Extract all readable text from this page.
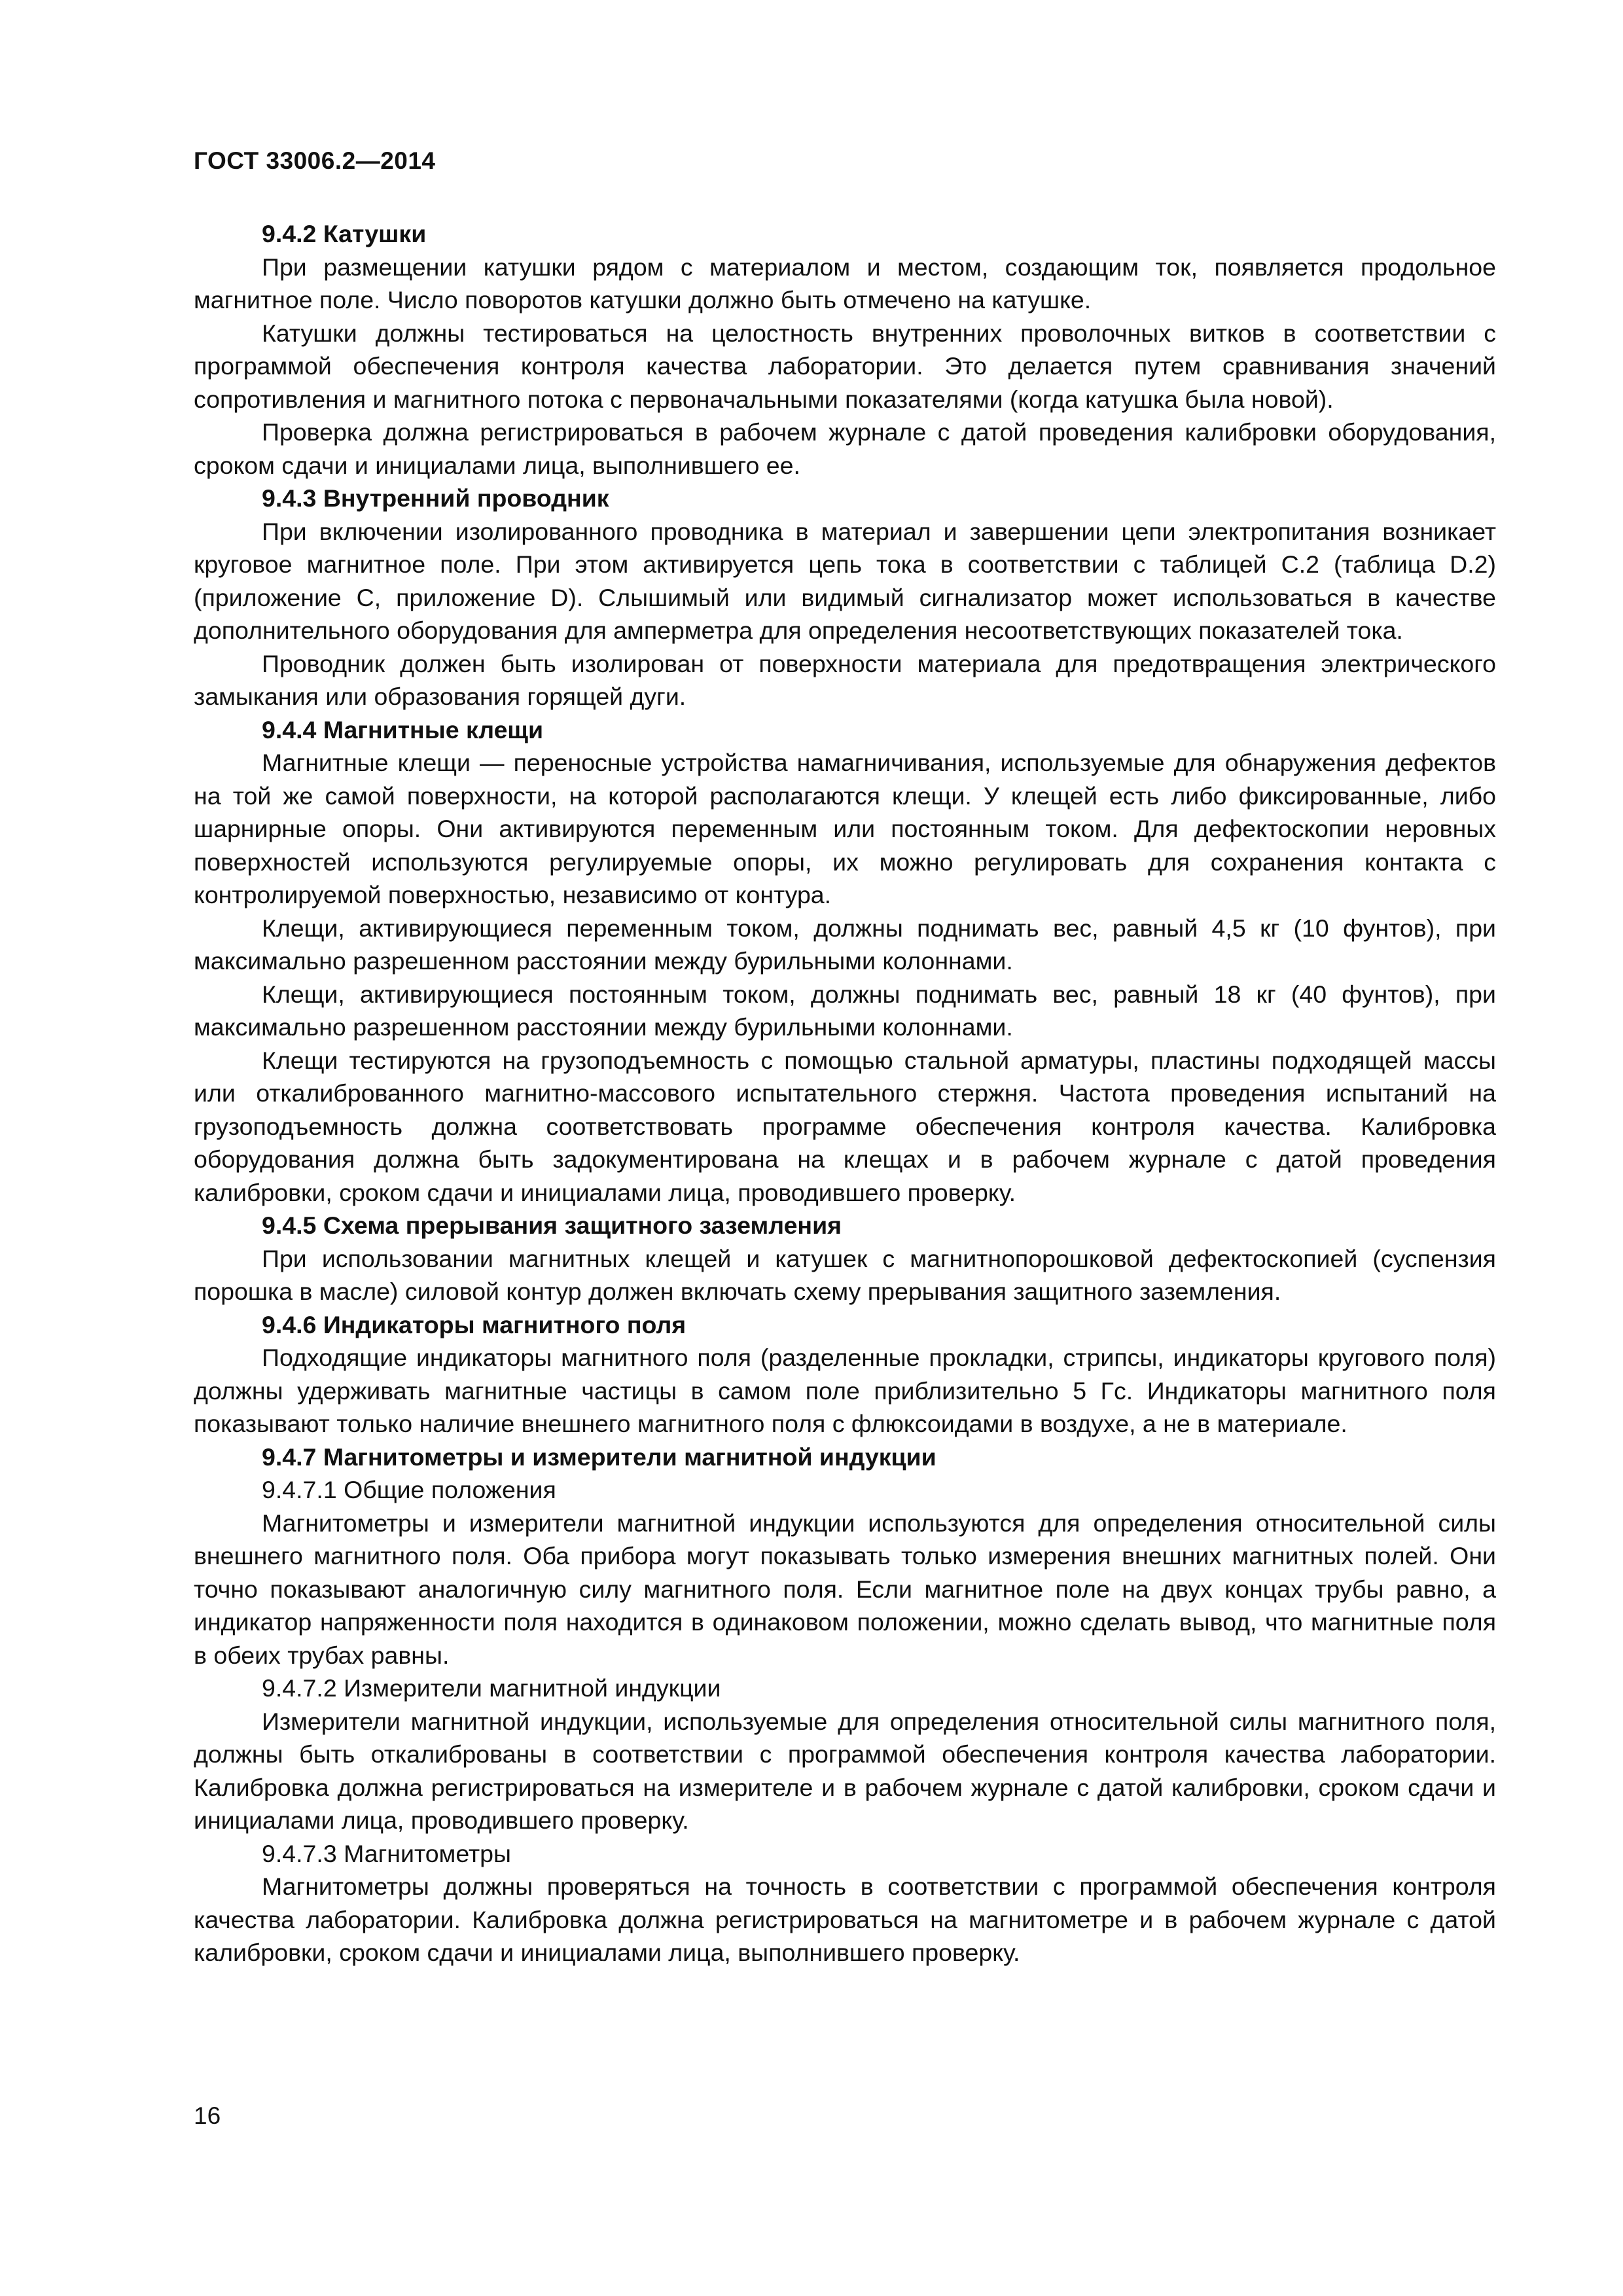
ГОСТ 33006.2—2014

9.4.2 Катушки

При размещении катушки рядом с материалом и местом, создающим ток, появляется продольное магнитное поле. Число поворотов катушки должно быть отмечено на катушке.

Катушки должны тестироваться на целостность внутренних проволочных витков в соответствии с программой обеспечения контроля качества лаборатории. Это делается путем сравнивания значений сопротивления и магнитного потока с первоначальными показателями (когда катушка была новой).

Проверка должна регистрироваться в рабочем журнале с датой проведения калибровки оборудования, сроком сдачи и инициалами лица, выполнившего ее.

9.4.3 Внутренний проводник

При включении изолированного проводника в материал и завершении цепи электропитания возникает круговое магнитное поле. При этом активируется цепь тока в соответствии с таблицей С.2 (таблица D.2) (приложение С, приложение D). Слышимый или видимый сигнализатор может использоваться в качестве дополнительного оборудования для амперметра для определения несоответствующих показателей тока.

Проводник должен быть изолирован от поверхности материала для предотвращения электрического замыкания или образования горящей дуги.

9.4.4 Магнитные клещи

Магнитные клещи — переносные устройства намагничивания, используемые для обнаружения дефектов на той же самой поверхности, на которой располагаются клещи. У клещей есть либо фиксированные, либо шарнирные опоры. Они активируются переменным или постоянным током. Для дефектоскопии неровных поверхностей используются регулируемые опоры, их можно регулировать для сохранения контакта с контролируемой поверхностью, независимо от контура.

Клещи, активирующиеся переменным током, должны поднимать вес, равный 4,5 кг (10 фунтов), при максимально разрешенном расстоянии между бурильными колоннами.

Клещи, активирующиеся постоянным током, должны поднимать вес, равный 18 кг (40 фунтов), при максимально разрешенном расстоянии между бурильными колоннами.

Клещи тестируются на грузоподъемность с помощью стальной арматуры, пластины подходящей массы или откалиброванного магнитно-массового испытательного стержня. Частота проведения испытаний на грузоподъемность должна соответствовать программе обеспечения контроля качества. Калибровка оборудования должна быть задокументирована на клещах и в рабочем журнале с датой проведения калибровки, сроком сдачи и инициалами лица, проводившего проверку.

9.4.5 Схема прерывания защитного заземления

При использовании магнитных клещей и катушек с магнитнопорошковой дефектоскопией (суспензия порошка в масле) силовой контур должен включать схему прерывания защитного заземления.

9.4.6 Индикаторы магнитного поля

Подходящие индикаторы магнитного поля (разделенные прокладки, стрипсы, индикаторы кругового поля) должны удерживать магнитные частицы в самом поле приблизительно 5 Гс. Индикаторы магнитного поля показывают только наличие внешнего магнитного поля с флюксоидами в воздухе, а не в материале.

9.4.7 Магнитометры и измерители магнитной индукции

9.4.7.1 Общие положения

Магнитометры и измерители магнитной индукции используются для определения относительной силы внешнего магнитного поля. Оба прибора могут показывать только измерения внешних магнитных полей. Они точно показывают аналогичную силу магнитного поля. Если магнитное поле на двух концах трубы равно, а индикатор напряженности поля находится в одинаковом положении, можно сделать вывод, что магнитные поля в обеих трубах равны.

9.4.7.2 Измерители магнитной индукции

Измерители магнитной индукции, используемые для определения относительной силы магнитного поля, должны быть откалиброваны в соответствии с программой обеспечения контроля качества лаборатории. Калибровка должна регистрироваться на измерителе и в рабочем журнале с датой калибровки, сроком сдачи и инициалами лица, проводившего проверку.

9.4.7.3 Магнитометры

Магнитометры должны проверяться на точность в соответствии с программой обеспечения контроля качества лаборатории. Калибровка должна регистрироваться на магнитометре и в рабочем журнале с датой калибровки, сроком сдачи и инициалами лица, выполнившего проверку.

16
